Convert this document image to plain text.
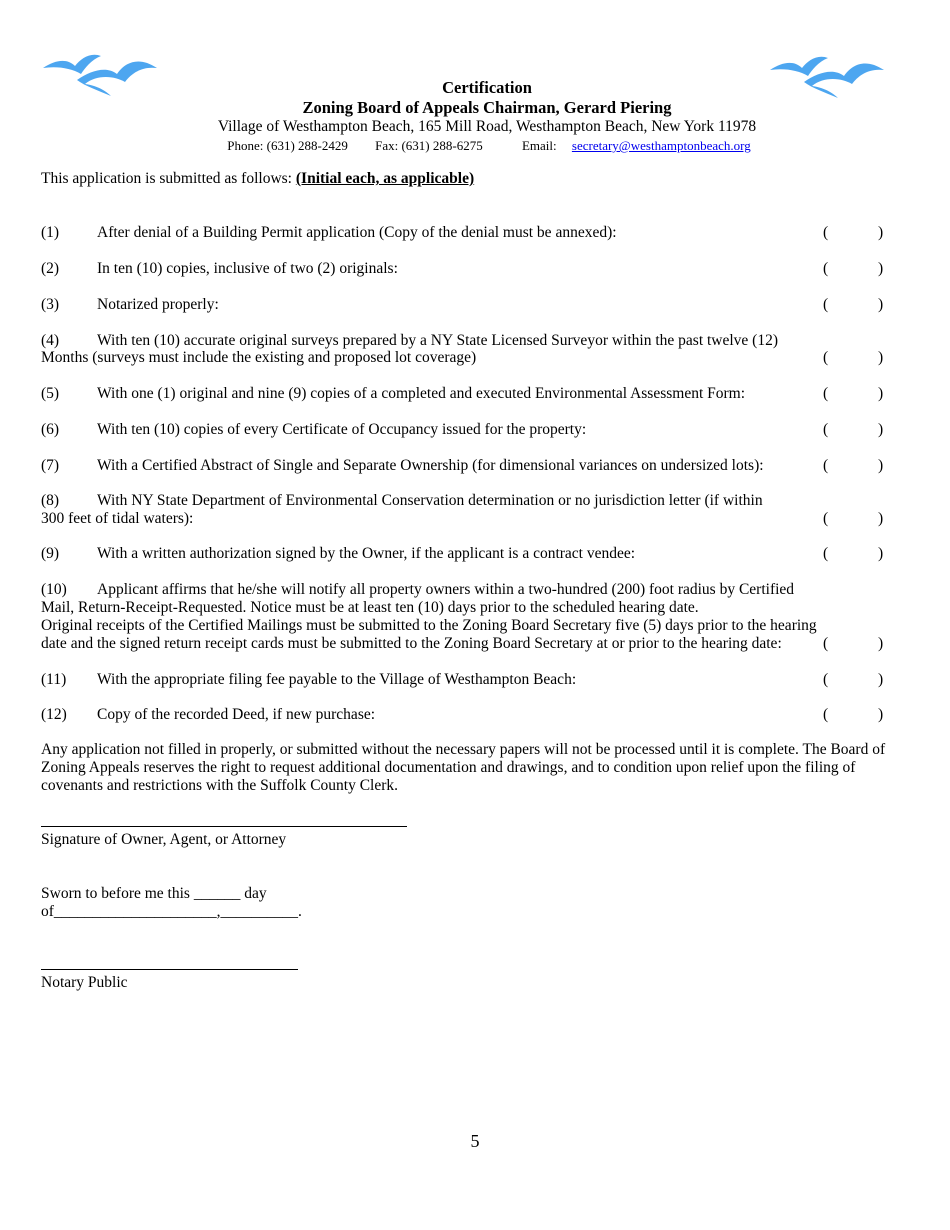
Certification
Zoning Board of Appeals Chairman, Gerard Piering
Village of Westhampton Beach, 165 Mill Road, Westhampton Beach, New York 11978
Phone: (631) 288-2429 Fax: (631) 288-6275	Email: secretary@westhamptonbeach.org
This application is submitted as follows: (Initial each, as applicable)
(1) After denial of a Building Permit application (Copy of the denial must be annexed):	(	)
(2) In ten (10) copies, inclusive of two (2) originals:	(	)
(3) Notarized properly:	(	)
(4) With ten (10) accurate original surveys prepared by a NY State Licensed Surveyor within the past twelve (12)
Months (surveys must include the existing and proposed lot coverage)	(	)
(5) With one (1) original and nine (9) copies of a completed and executed Environmental Assessment Form:	(	)
(6) With ten (10) copies of every Certificate of Occupancy issued for the property:	(	)
(7) With a Certified Abstract of Single and Separate Ownership (for dimensional variances on undersized lots):	(	)
(8) With NY State Department of Environmental Conservation determination or no jurisdiction letter (if within
300 feet of tidal waters):	(	)
(9) With a written authorization signed by the Owner, if the applicant is a contract vendee:	(	)
(10) Applicant affirms that he/she will notify all property owners within a two-hundred (200) foot radius by Certified
Mail, Return-Receipt-Requested. Notice must be at least ten (10) days prior to the scheduled hearing date.
Original receipts of the Certified Mailings must be submitted to the Zoning Board Secretary five (5) days prior to the hearing
date and the signed return receipt cards must be submitted to the Zoning Board Secretary at or prior to the hearing date:	(	)
(11) With the appropriate filing fee payable to the Village of Westhampton Beach:	(	)
(12) Copy of the recorded Deed, if new purchase:	(	)
Any application not filled in properly, or submitted without the necessary papers will not be processed until it is complete. The Board of Zoning Appeals reserves the right to request additional documentation and drawings, and to condition upon relief upon the filing of covenants and restrictions with the Suffolk County Clerk.
Signature of Owner, Agent, or Attorney
Sworn to before me this ______ day
of_____________________,__________.
Notary Public
5
